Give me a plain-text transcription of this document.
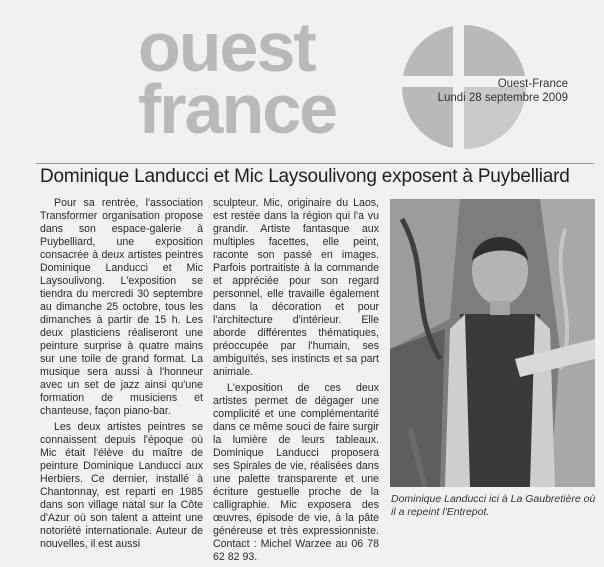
ouest
france	Ouest-France
Lundi 28 septembre 2009
Dominique Landucci et Mic Laysoulivong exposent à Puybelliard

Pour sa rentrée, l'association Transformer organisation propose dans son espace-galerie à Puybelliard, une exposition consacrée à deux artistes peintres Dominique Landucci et Mic Laysoulivong. L'exposition se tiendra du mercredi 30 septembre au dimanche 25 octobre, tous les dimanches à partir de 15 h. Les deux plasticiens réaliseront une peinture surprise à quatre mains sur une toile de grand format. La musique sera aussi à l'honneur avec un set de jazz ainsi qu'une formation de musiciens et chanteuse, façon piano-bar.

Les deux artistes peintres se connaissent depuis l'époque où Mic était l'élève du maître de peinture Dominique Landucci aux Herbiers. Ce dernier, installé à Chantonnay, est reparti en 1985 dans son village natal sur la Côte d'Azur où son talent a atteint une notoriété internationale. Auteur de nouvelles, il est aussi

sculpteur. Mic, originaire du Laos, est restée dans la région qui l'a vu grandir. Artiste fantasque aux multiples facettes, elle peint, raconte son passé en images. Parfois portraitiste à la commande et appréciée pour son regard personnel, elle travaille également dans la décoration et pour l'architecture d'intérieur. Elle aborde différentes thématiques, préoccupée par l'humain, ses ambiguïtés, ses instincts et sa part animale.

L'exposition de ces deux artistes permet de dégager une complicité et une complémentarité dans ce même souci de faire surgir la lumière de leurs tableaux. Dominique Landucci proposera ses Spirales de vie, réalisées dans une palette transparente et une écriture gestuelle proche de la calligraphie. Mic exposera des œuvres, épisode de vie, à la pâte généreuse et très expressionniste. Contact : Michel Warzee au 06 78 62 82 93.

Dominique Landucci ici à La Gaubretière où il a repeint l'Entrepot.
